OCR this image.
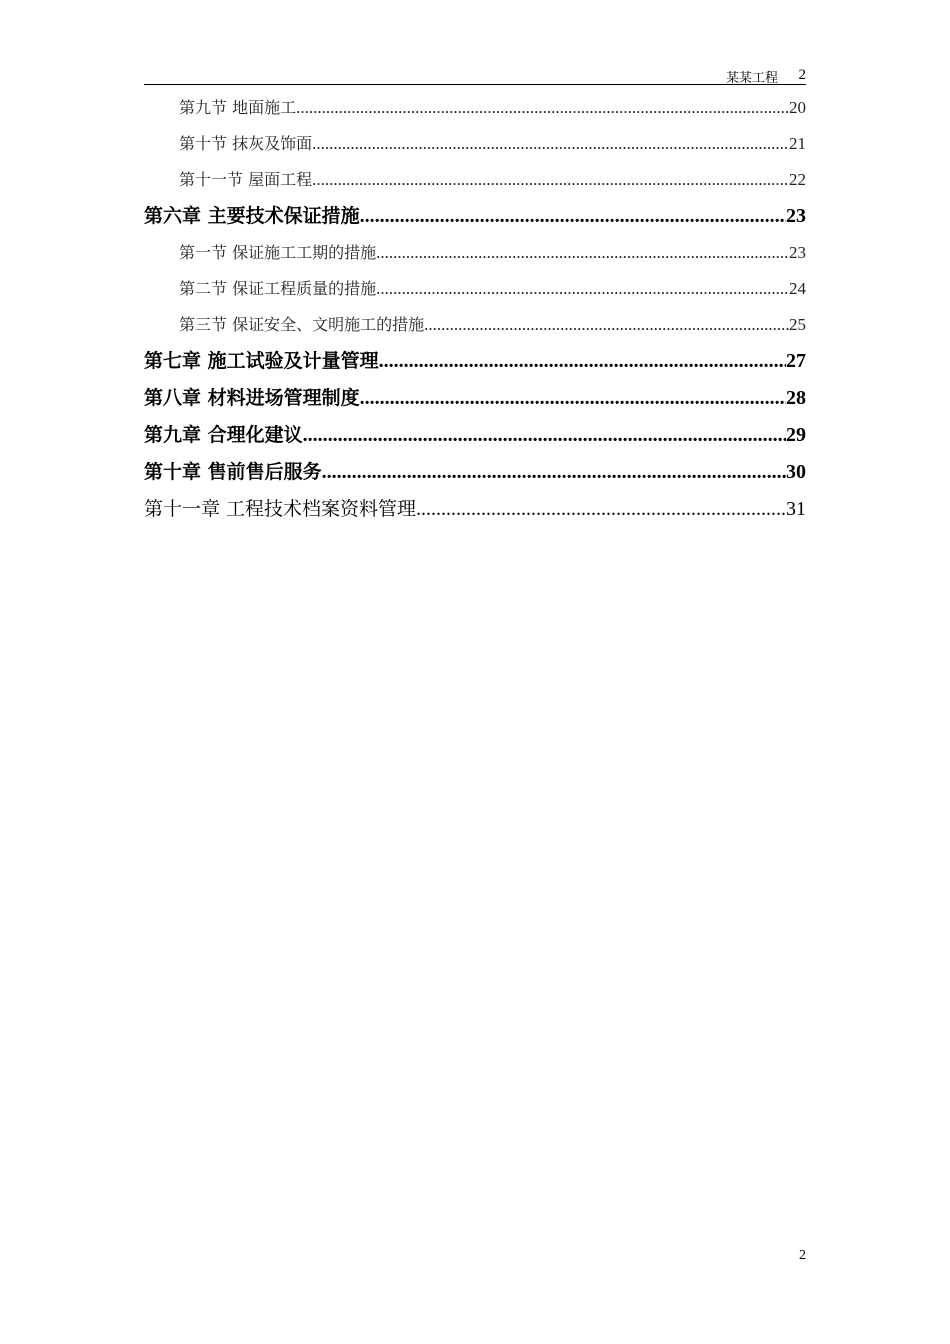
某某工程 2
第九节 地面施工 .....	20
第十节 抹灰及饰面 .....	21
第十一节 屋面工程 .....	22
第六章 主要技术保证措施 .....	23
第一节 保证施工工期的措施 .....	23
第二节 保证工程质量的措施 .....	24
第三节 保证安全、文明施工的措施 .....	25
第七章 施工试验及计量管理 .....	27
第八章 材料进场管理制度 .....	28
第九章 合理化建议 .....	29
第十章 售前售后服务 .....	30
第十一章 工程技术档案资料管理 .....	31
2
